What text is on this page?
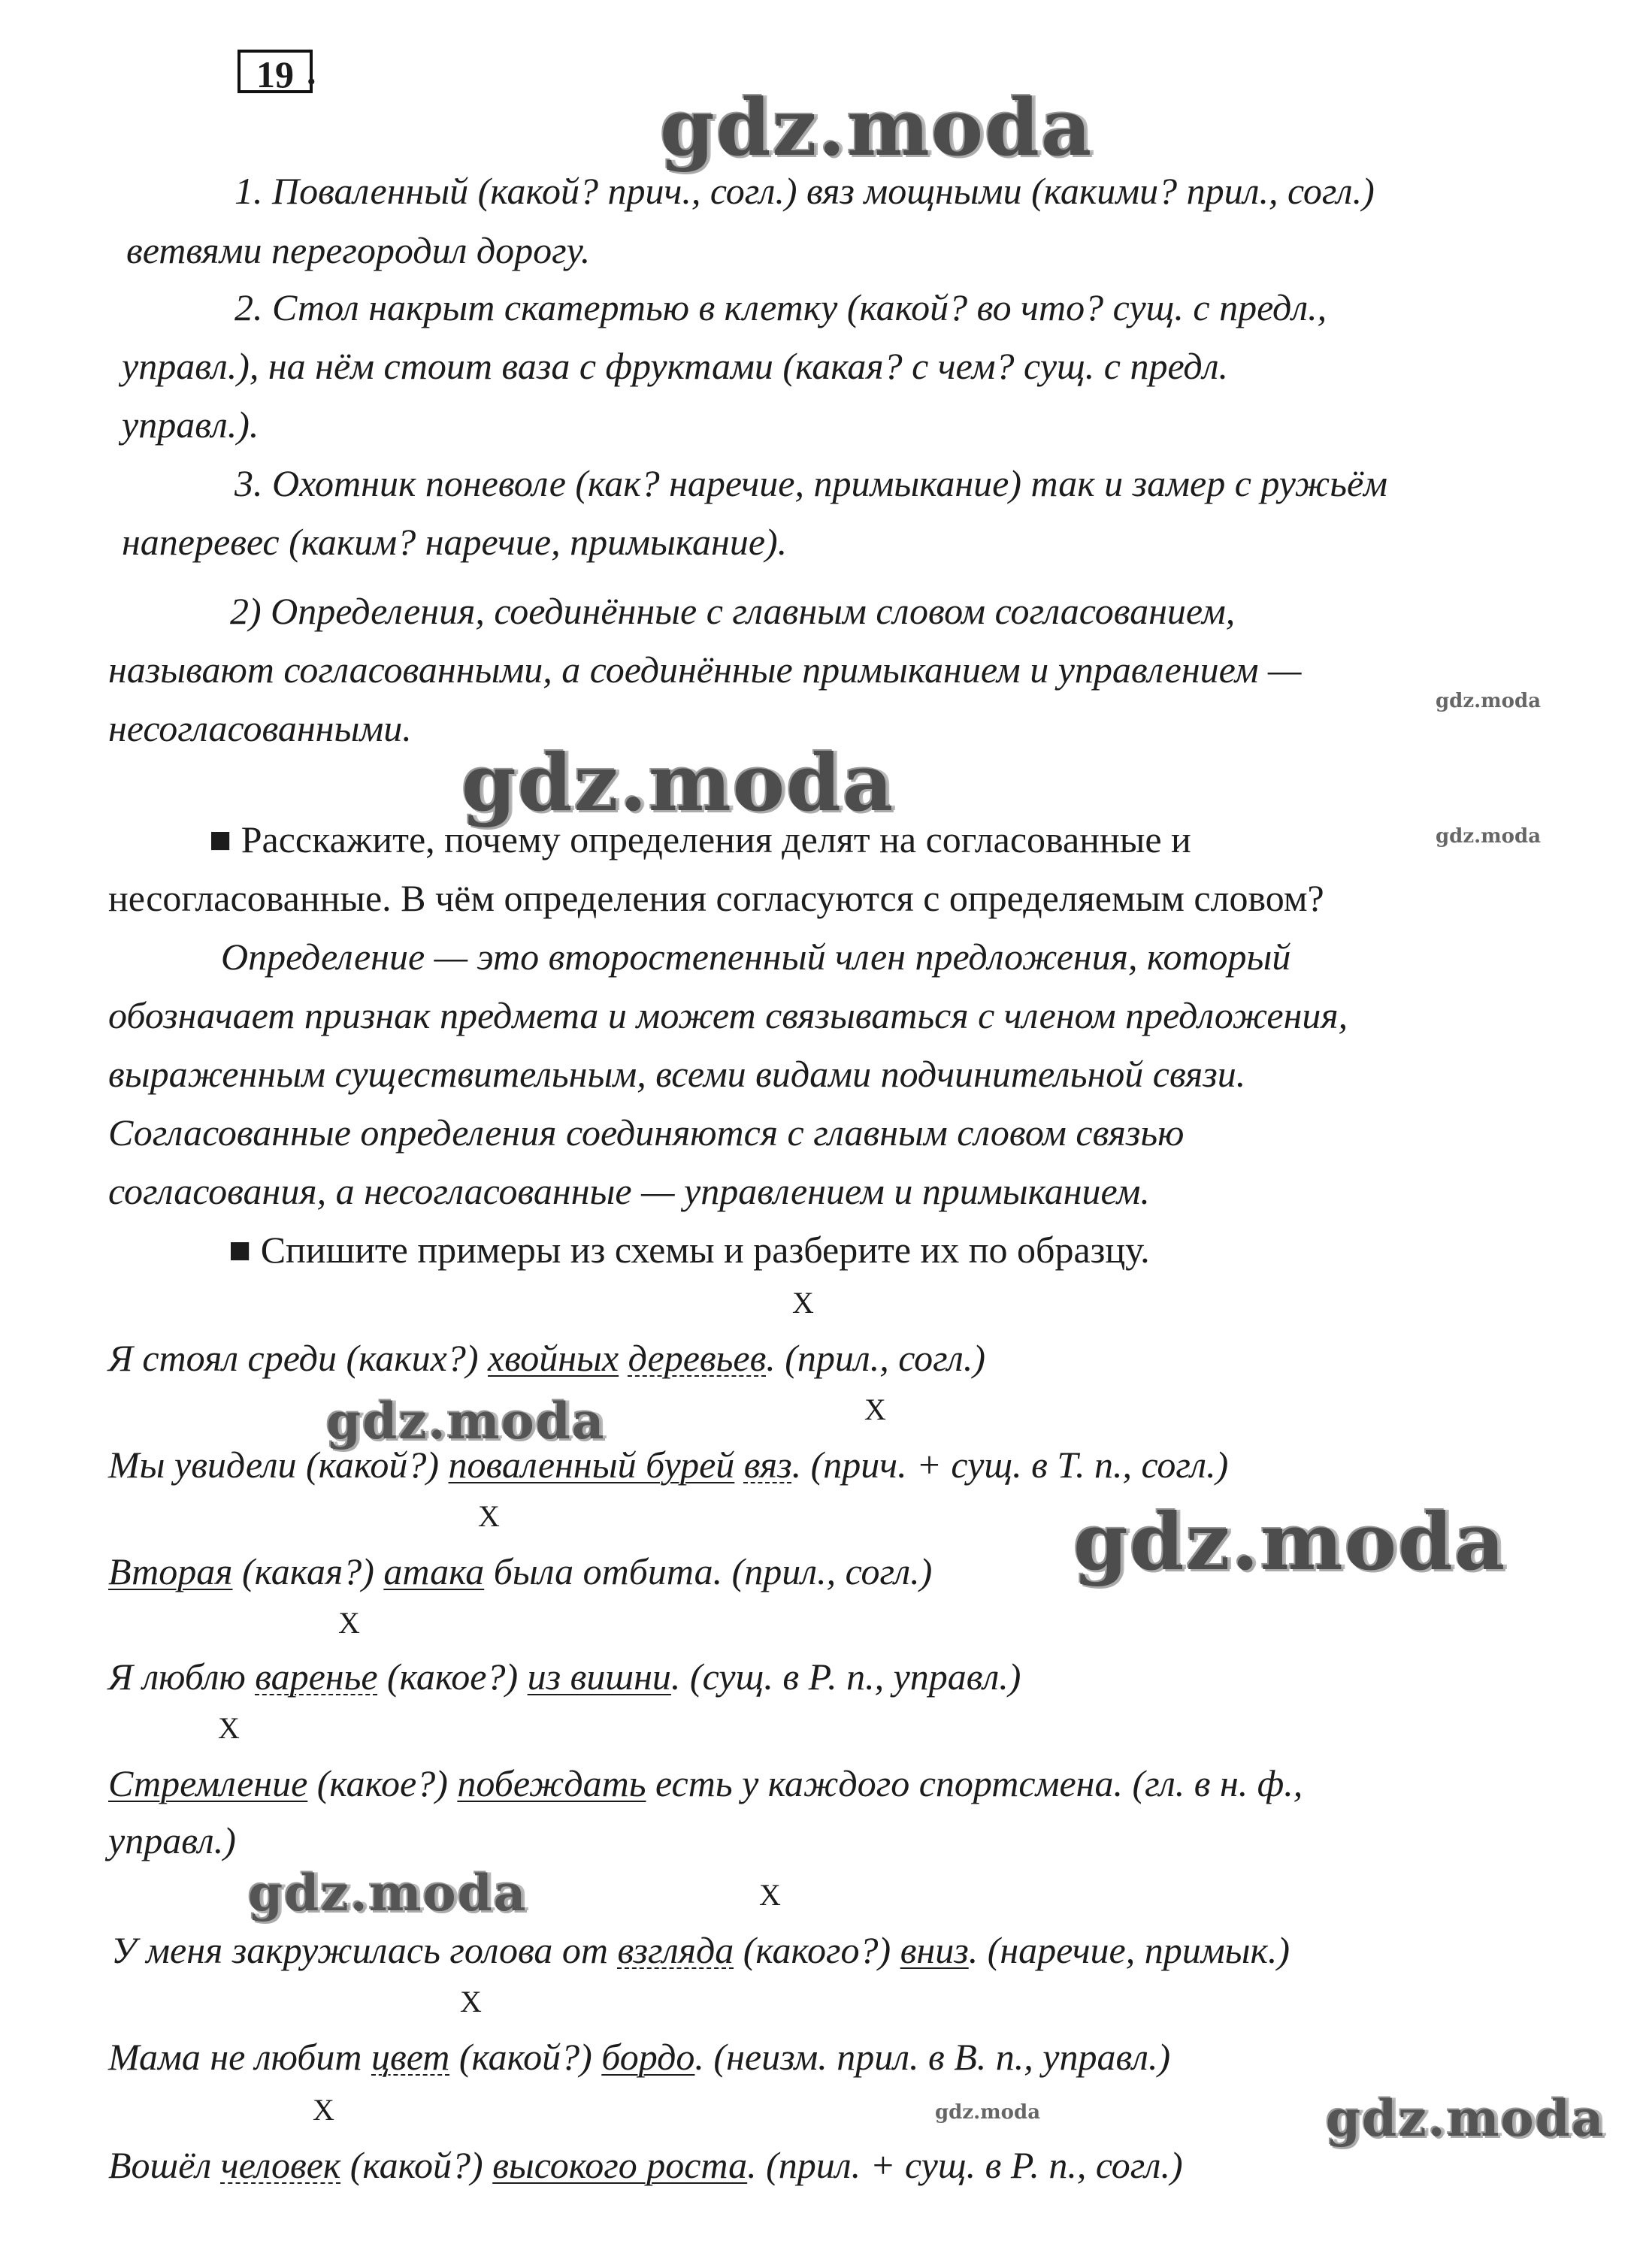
19 .
gdz.moda
gdz.moda
gdz.moda
gdz.moda
gdz.moda
gdz.moda
gdz.moda
gdz.moda	gdz.moda
1. Поваленный (какой? прич., согл.) вяз мощными (какими? прил., согл.)
ветвями перегородил дорогу.
2. Стол накрыт скатертью в клетку (какой? во что? сущ. с предл.,
управл.), на нём стоит ваза с фруктами (какая? с чем? сущ. с предл.
управл.).
3. Охотник поневоле (как? наречие, примыкание) так и замер с ружьём
наперевес (каким? наречие, примыкание).
2) Определения, соединённые с главным словом согласованием,
называют согласованными, а соединённые примыканием и управлением —
несогласованными.
■ Расскажите, почему определения делят на согласованные и
несогласованные. В чём определения согласуются с определяемым словом?
Определение — это второстепенный член предложения, который
обозначает признак предмета и может связываться с членом предложения,
выраженным существительным, всеми видами подчинительной связи.
Согласованные определения соединяются с главным словом связью
согласования, а несогласованные — управлением и примыканием.
■ Спишите примеры из схемы и разберите их по образцу.
X
Я стоял среди (каких?) хвойных деревьев. (прил., согл.)
X
Мы увидели (какой?) поваленный бурей вяз. (прич. + сущ. в Т. п., согл.)
X
Вторая (какая?) атака была отбита. (прил., согл.)
X
Я люблю варенье (какое?) из вишни. (сущ. в Р. п., управл.)
X
Стремление (какое?) побеждать есть у каждого спортсмена. (гл. в н. ф.,
управл.)
X
У меня закружилась голова от взгляда (какого?) вниз. (наречие, примык.)
X
Мама не любит цвет (какой?) бордо. (неизм. прил. в В. п., управл.)
X
Вошёл человек (какой?) высокого роста. (прил. + сущ. в Р. п., согл.)
